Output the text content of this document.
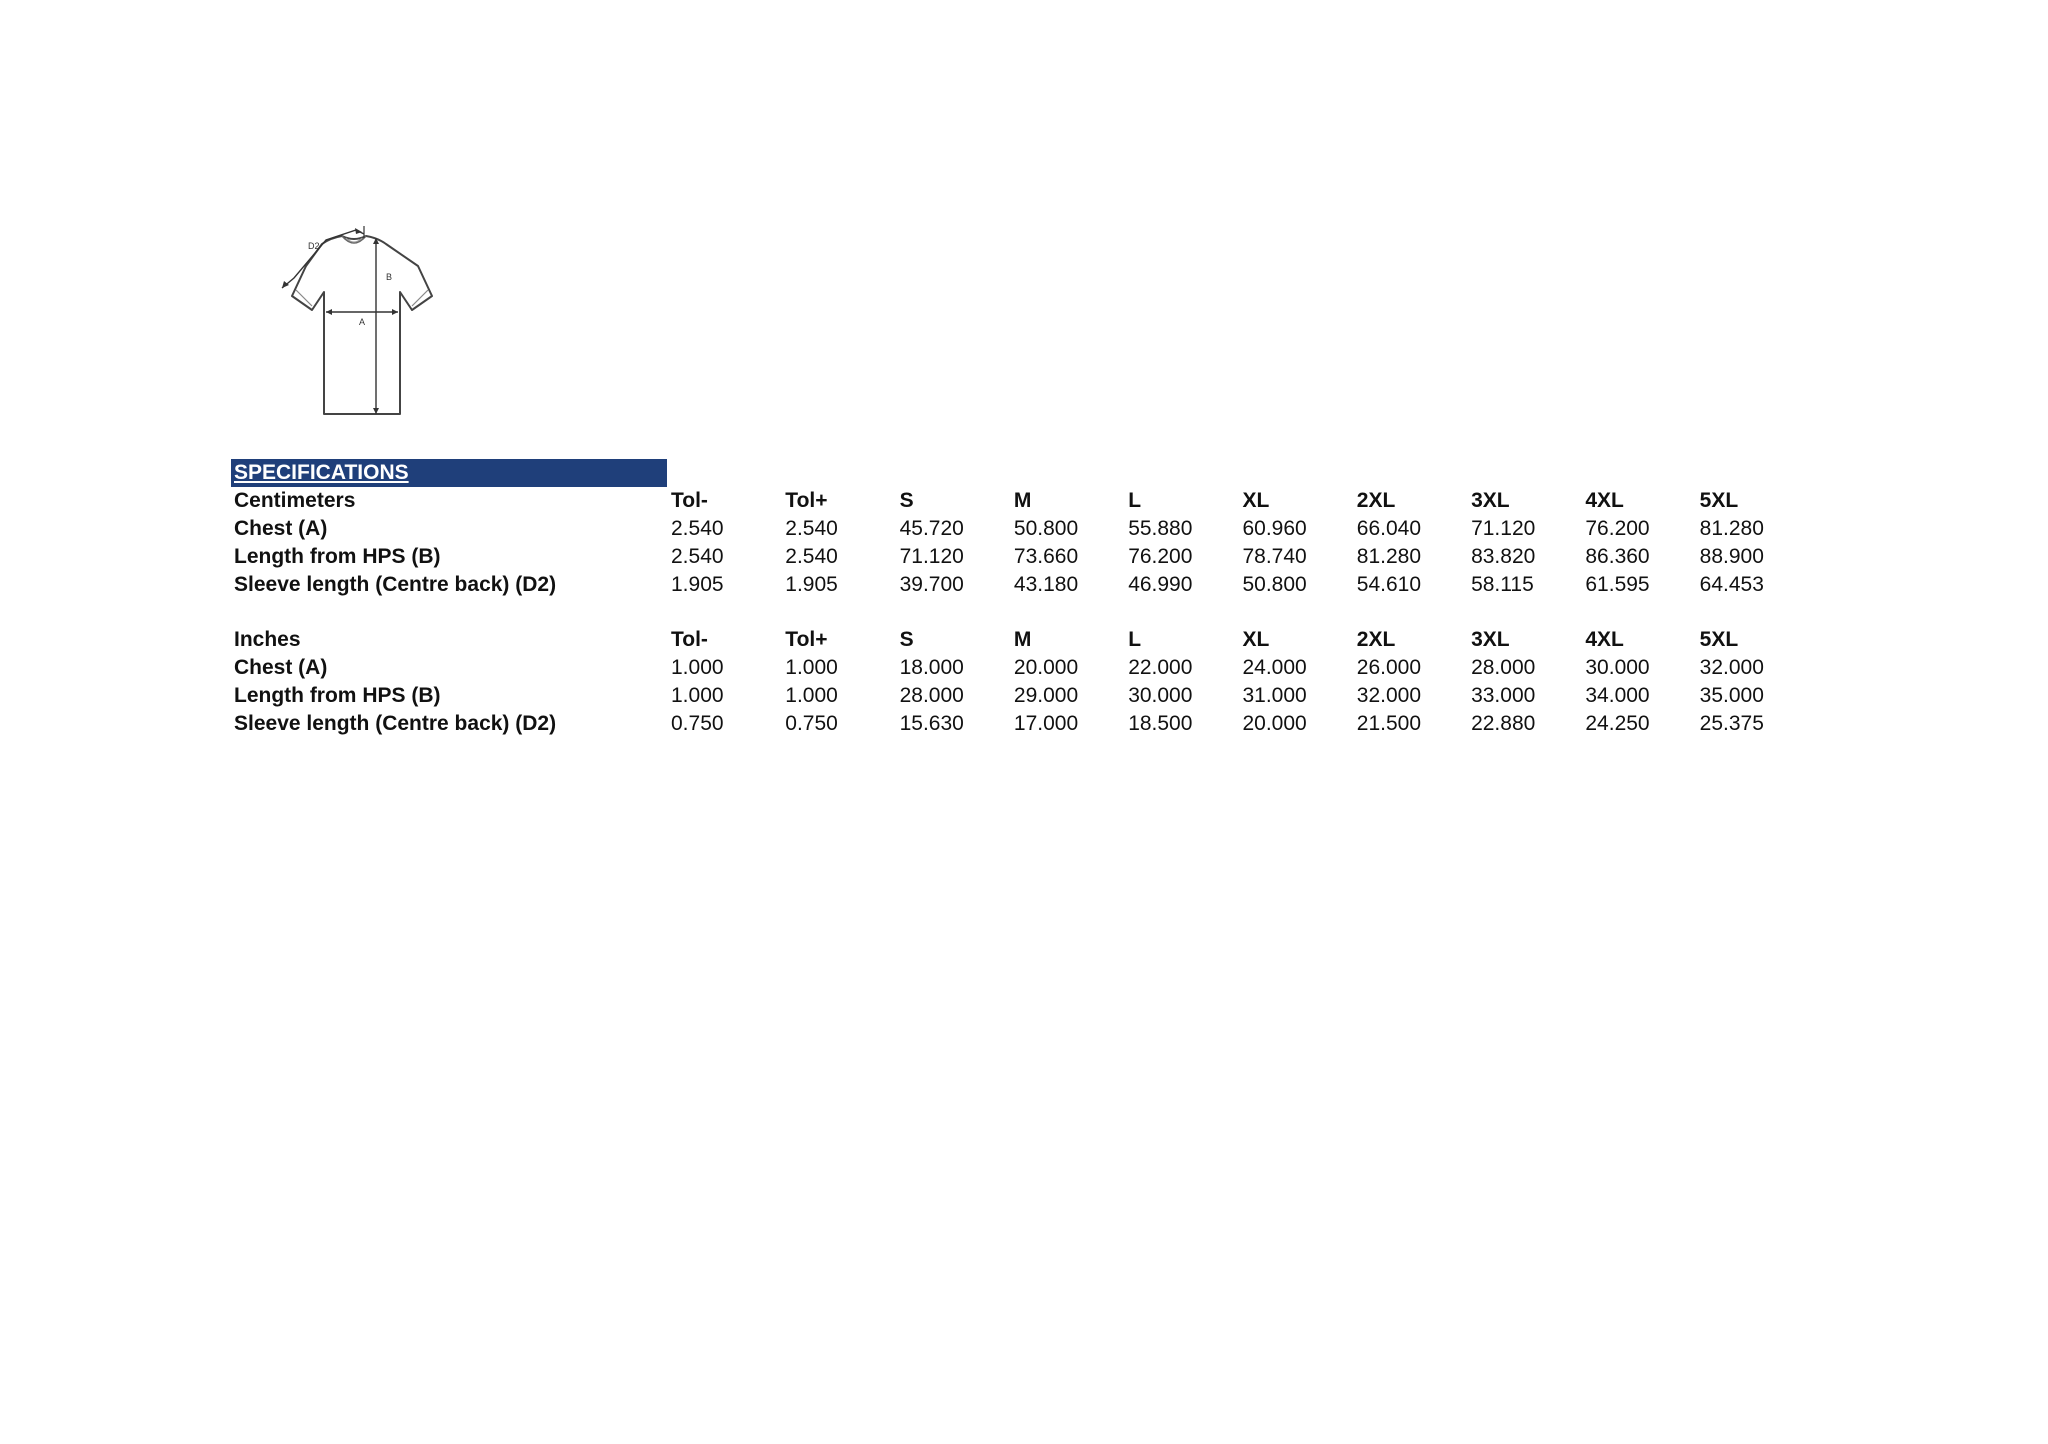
A
B
D2
SPECIFICATIONS
Centimeters	Tol-	Tol+	S	M	L	XL	2XL	3XL	4XL	5XL
Chest (A)	2.540	2.540	45.720	50.800	55.880	60.960	66.040	71.120	76.200	81.280
Length from HPS (B)	2.540	2.540	71.120	73.660	76.200	78.740	81.280	83.820	86.360	88.900
Sleeve length (Centre back) (D2)	1.905	1.905	39.700	43.180	46.990	50.800	54.610	58.115	61.595	64.453
Inches	Tol-	Tol+	S	M	L	XL	2XL	3XL	4XL	5XL
Chest (A)	1.000	1.000	18.000	20.000	22.000	24.000	26.000	28.000	30.000	32.000
Length from HPS (B)	1.000	1.000	28.000	29.000	30.000	31.000	32.000	33.000	34.000	35.000
Sleeve length (Centre back) (D2)	0.750	0.750	15.630	17.000	18.500	20.000	21.500	22.880	24.250	25.375
